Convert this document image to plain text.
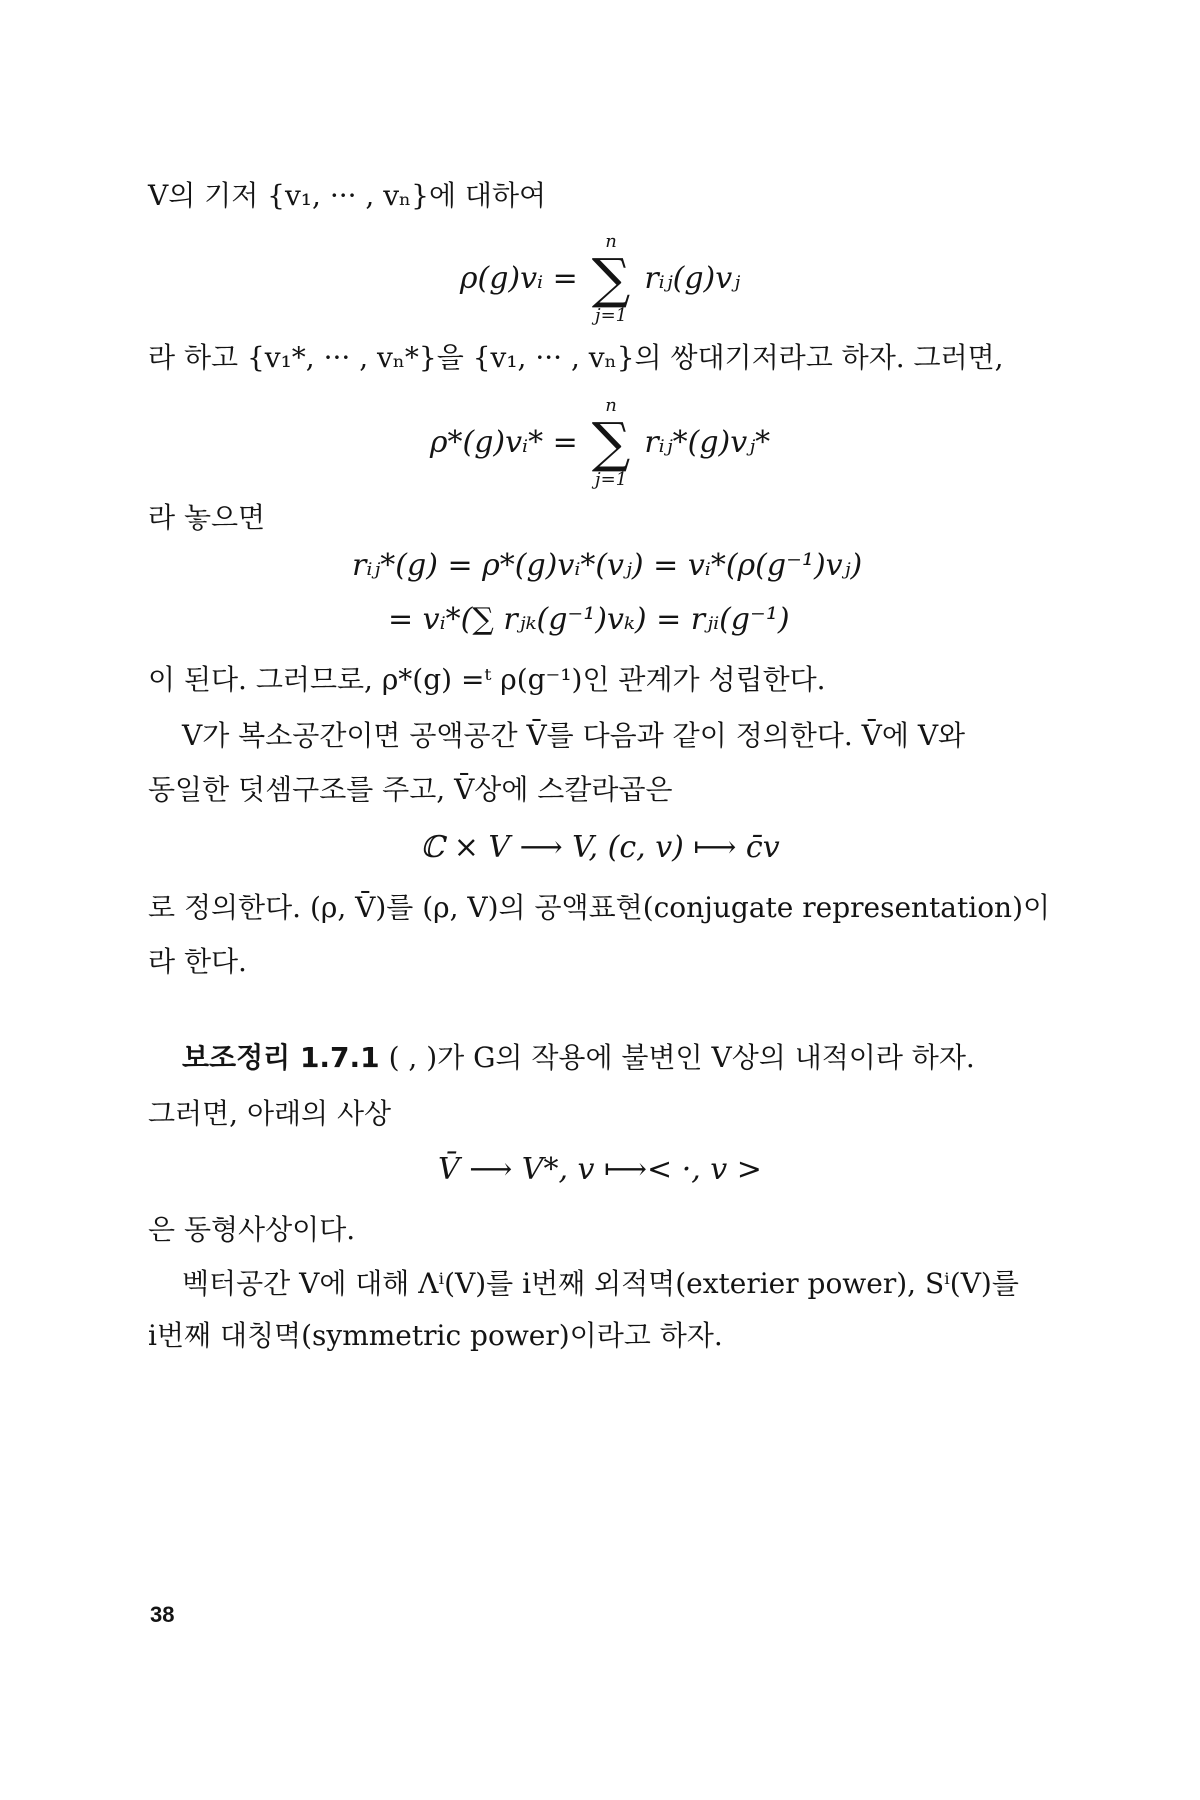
V의 기저 {v₁, ··· , vₙ}에 대하여
ρ(g)vᵢ =
n
∑
j=1
rᵢⱼ(g)vⱼ
라 하고 {v₁*, ··· , vₙ*}을 {v₁, ··· , vₙ}의 쌍대기저라고 하자. 그러면,
ρ*(g)vᵢ* =
n
∑
j=1
rᵢⱼ*(g)vⱼ*
라 놓으면
rᵢⱼ*(g) = ρ*(g)vᵢ*(vⱼ) = vᵢ*(ρ(g⁻¹)vⱼ)
= vᵢ*(∑ rⱼₖ(g⁻¹)vₖ) = rⱼᵢ(g⁻¹)
이 된다. 그러므로, ρ*(g) =ᵗ ρ(g⁻¹)인 관계가 성립한다.
V가 복소공간이면 공액공간 V̄를 다음과 같이 정의한다. V̄에 V와
동일한 덧셈구조를 주고, V̄상에 스칼라곱은
ℂ × V ⟶ V, (c, v) ⟼ c̄v
로 정의한다. (ρ, V̄)를 (ρ, V)의 공액표현(conjugate representation)이
라 한다.
보조정리 1.7.1 ( , )가 G의 작용에 불변인 V상의 내적이라 하자.
그러면, 아래의 사상
V̄ ⟶ V*, v ⟼< ·, v >
은 동형사상이다.
벡터공간 V에 대해 Λⁱ(V)를 i번째 외적멱(exterier power), Sⁱ(V)를
i번째 대칭멱(symmetric power)이라고 하자.
38
